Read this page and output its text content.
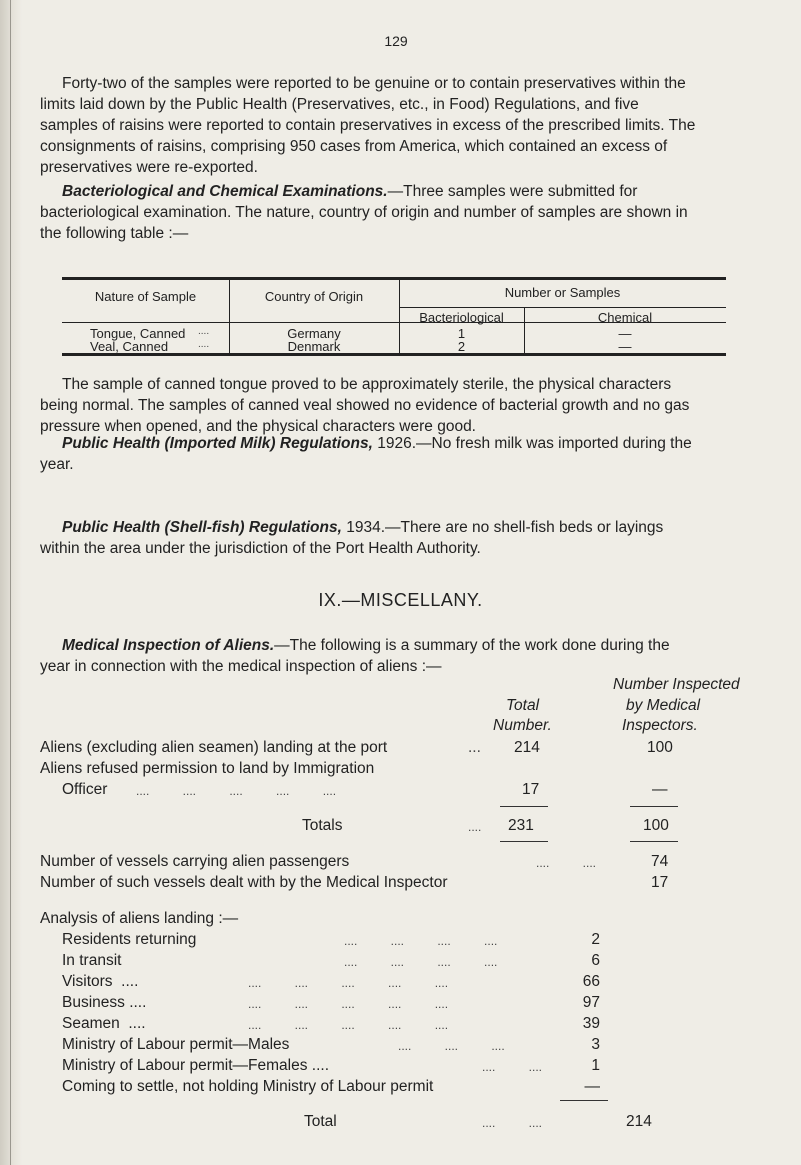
129

Forty-two of the samples were reported to be genuine or to contain preservatives within the limits laid down by the Public Health (Preservatives, etc., in Food) Regulations, and five samples of raisins were reported to contain preservatives in excess of the prescribed limits. The consignments of raisins, comprising 950 cases from America, which contained an excess of preservatives were re-exported.

Bacteriological and Chemical Examinations.—Three samples were submitted for bacteriological examination. The nature, country of origin and number of samples are shown in the following table :—

Nature of Sample	Country of Origin	Number or Samples
Bacteriological	Chemical
Tongue, Canned ....	Germany	1	—
Veal, Canned	....	Denmark	2	—

The sample of canned tongue proved to be approximately sterile, the physical characters being normal. The samples of canned veal showed no evidence of bacterial growth and no gas pressure when opened, and the physical characters were good.

Public Health (Imported Milk) Regulations, 1926.—No fresh milk was imported during the year.

Public Health (Shell-fish) Regulations, 1934.—There are no shell-fish beds or layings within the area under the jurisdiction of the Port Health Authority.

IX.—MISCELLANY.

Medical Inspection of Aliens.—The following is a summary of the work done during the year in connection with the medical inspection of aliens :—

Number Inspected
Total	by Medical
Number.	Inspectors.
Aliens (excluding alien seamen) landing at the port	... 214	100
Aliens refused permission to land by Immigration
Officer ....          ....          ....          ....          ....	17	—
Totals	.... 231	100
Number of vessels carrying alien passengers	....          ....	74
Number of such vessels dealt with by the Medical Inspector	17
Analysis of aliens landing :—
Residents returning	....          ....          ....          ....	2
In transit	....          ....          ....          ....	6
Visitors  ....	....          ....          ....          ....          ....	66
Business ....	....          ....          ....          ....          ....	97
Seamen  ....	....          ....          ....          ....          ....	39
Ministry of Labour permit—Males	....          ....          ....	3
Ministry of Labour permit—Females ....	....          ....	1
Coming to settle, not holding Ministry of Labour permit	—
Total	....          ....	214
